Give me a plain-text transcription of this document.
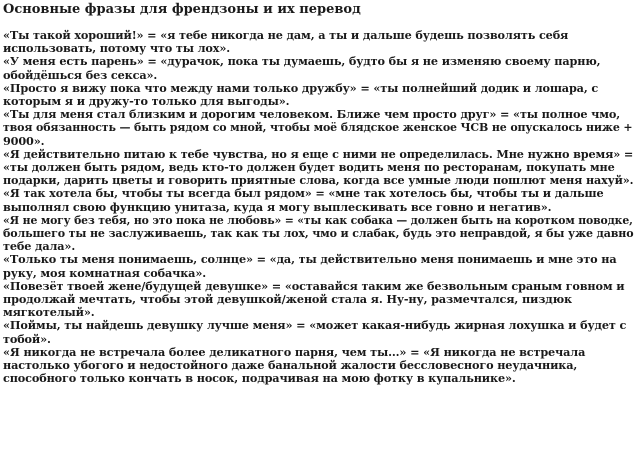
Основные фразы для френдзоны и их перевод
«Ты такой хороший!» = «я тебе никогда не дам, а ты и дальше будешь позволять себя
использовать, потому что ты лох».
«У меня есть парень» = «дурачок, пока ты думаешь, будто бы я не изменяю своему парню,
обойдёшься без секса».
«Просто я вижу пока что между нами только дружбу» = «ты полнейший додик и лошара, с
которым я и дружу-то только для выгоды».
«Ты для меня стал близким и дорогим человеком. Ближе чем просто друг» = «ты полное чмо,
твоя обязанность — быть рядом со мной, чтобы моё блядское женское ЧСВ не опускалось ниже +
9000».
«Я действительно питаю к тебе чувства, но я еще с ними не определилась. Мне нужно время» =
«ты должен быть рядом, ведь кто-то должен будет водить меня по ресторанам, покупать мне
подарки, дарить цветы и говорить приятные слова, когда все умные люди пошлют меня нахуй».
«Я так хотела бы, чтобы ты всегда был рядом» = «мне так хотелось бы, чтобы ты и дальше
выполнял свою функцию унитаза, куда я могу выплескивать все говно и негатив».
«Я не могу без тебя, но это пока не любовь» = «ты как собака — должен быть на коротком поводке,
большего ты не заслуживаешь, так как ты лох, чмо и слабак, будь это неправдой, я бы уже давно
тебе дала».
«Только ты меня понимаешь, солнце» = «да, ты действительно меня понимаешь и мне это на
руку, моя комнатная собачка».
«Повезёт твоей жене/будущей девушке» = «оставайся таким же безвольным сраным говном и
продолжай мечтать, чтобы этой девушкой/женой стала я. Ну-ну, размечтался, пиздюк
мягкотелый».
«Поймы, ты найдешь девушку лучше меня» = «может какая-нибудь жирная лохушка и будет с
тобой».
«Я никогда не встречала более деликатного парня, чем ты...» = «Я никогда не встречала
настолько убогого и недостойного даже банальной жалости бессловесного неудачника,
способного только кончать в носок, подрачивая на мою фотку в купальнике».
